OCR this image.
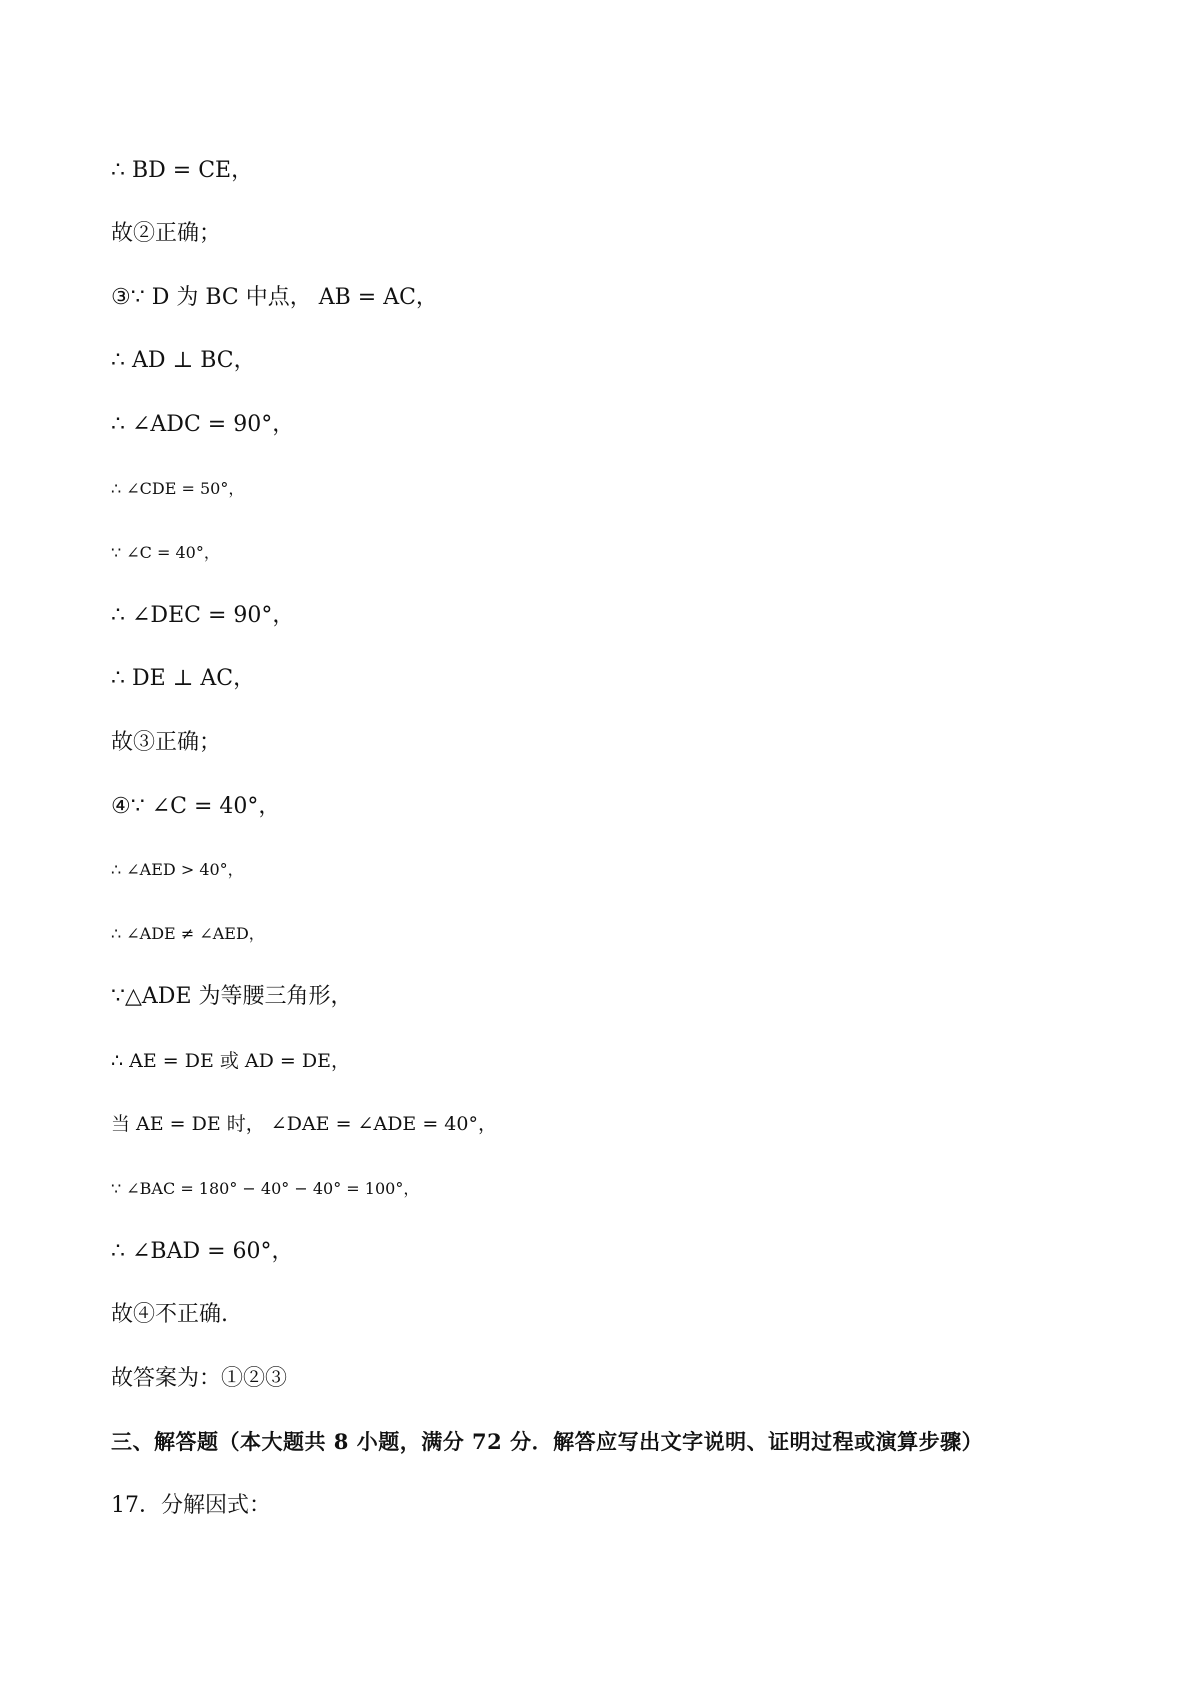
∴ BD = CE，
故②正确；
③∵ D 为 BC 中点， AB = AC，
∴ AD ⊥ BC，
∴ ∠ADC = 90°，
∴ ∠CDE = 50°，
∵ ∠C = 40°，
∴ ∠DEC = 90°，
∴ DE ⊥ AC，
故③正确；
④∵ ∠C = 40°，
∴ ∠AED > 40°，
∴ ∠ADE ≠ ∠AED，
∵△ADE 为等腰三角形，
∴ AE = DE 或 AD = DE，
当 AE = DE 时， ∠DAE = ∠ADE = 40°，
∵ ∠BAC = 180° − 40° − 40° = 100°，
∴ ∠BAD = 60°，
故④不正确.
故答案为：①②③
三、解答题（本大题共 8 小题，满分 72 分．解答应写出文字说明、证明过程或演算步骤）
17．分解因式：
